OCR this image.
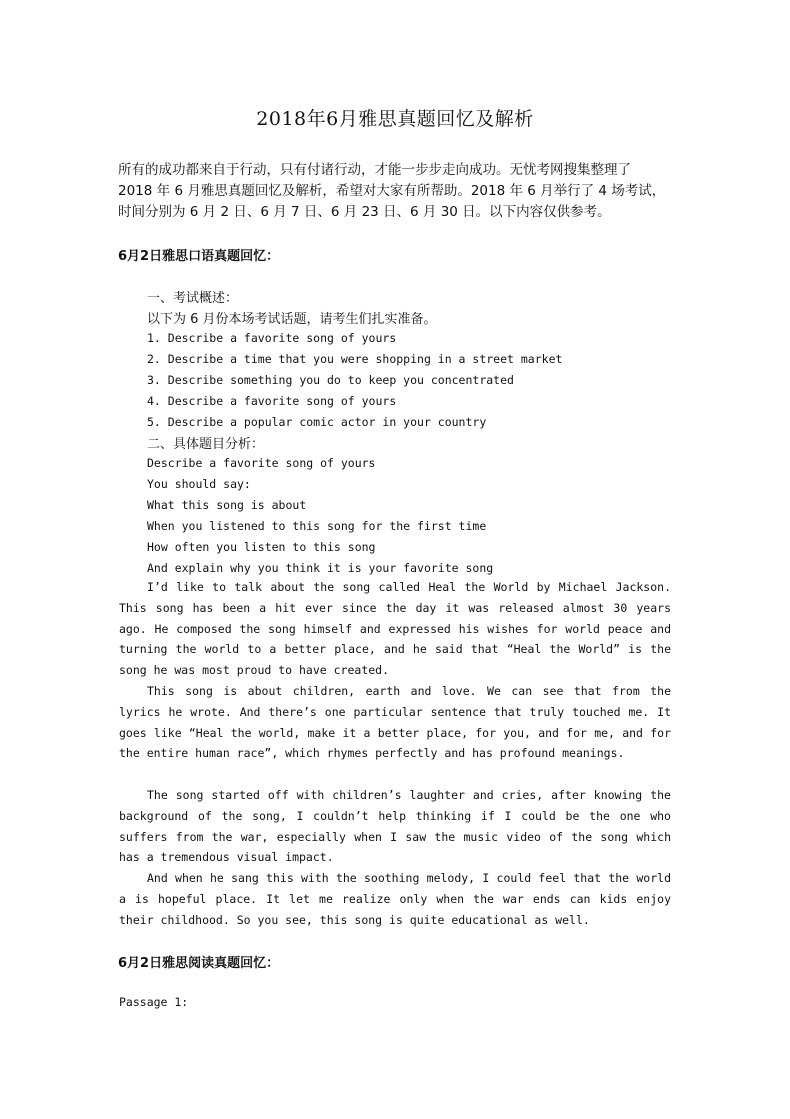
2018年6月雅思真题回忆及解析
所有的成功都来自于行动，只有付诸行动，才能一步步走向成功。无忧考网搜集整理了
2018 年 6 月雅思真题回忆及解析，希望对大家有所帮助。2018 年 6 月举行了 4 场考试，
时间分别为 6 月 2 日、6 月 7 日、6 月 23 日、6 月 30 日。以下内容仅供参考。
6月2日雅思口语真题回忆：
一、考试概述：
以下为 6 月份本场考试话题，请考生们扎实准备。
1. Describe a favorite song of yours
2. Describe a time that you were shopping in a street market
3. Describe something you do to keep you concentrated
4. Describe a favorite song of yours
5. Describe a popular comic actor in your country
二、具体题目分析：
Describe a favorite song of yours
You should say:
What this song is about
When you listened to this song for the first time
How often you listen to this song
And explain why you think it is your favorite song
I’d like to talk about the song called Heal the World by Michael Jackson. This song has been a hit ever since the day it was released almost 30 years ago. He composed the song himself and expressed his wishes for world peace and turning the world to a better place, and he said that “Heal the World” is the song he was most proud to have created.
This song is about children, earth and love. We can see that from the lyrics he wrote. And there’s one particular sentence that truly touched me. It goes like “Heal the world, make it a better place, for you, and for me, and for the entire human race”, which rhymes perfectly and has profound meanings.
The song started off with children’s laughter and cries, after knowing the background of the song, I couldn’t help thinking if I could be the one who suffers from the war, especially when I saw the music video of the song which has a tremendous visual impact.
And when he sang this with the soothing melody, I could feel that the world a is hopeful place. It let me realize only when the war ends can kids enjoy their childhood. So you see, this song is quite educational as well.
6月2日雅思阅读真题回忆：
Passage 1:
